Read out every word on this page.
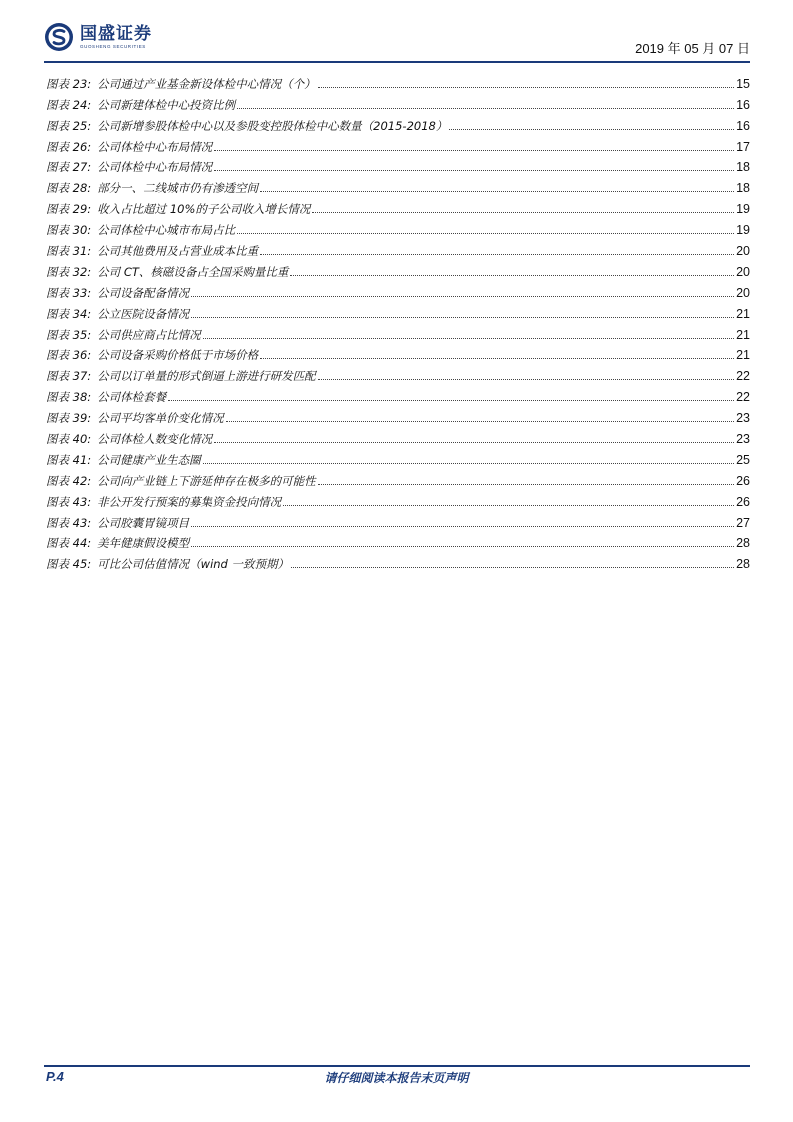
国盛证券
GUOSHENG SECURITIES	2019 年 05 月 07 日
图表 23: 公司通过产业基金新设体检中心情况（个）	15
图表 24: 公司新建体检中心投资比例	16
图表 25: 公司新增参股体检中心以及参股变控股体检中心数量（2015-2018）	16
图表 26: 公司体检中心布局情况	17
图表 27: 公司体检中心布局情况	18
图表 28: 部分一、二线城市仍有渗透空间	18
图表 29: 收入占比超过 10%的子公司收入增长情况	19
图表 30: 公司体检中心城市布局占比	19
图表 31: 公司其他费用及占营业成本比重	20
图表 32: 公司 CT、核磁设备占全国采购量比重	20
图表 33: 公司设备配备情况	20
图表 34: 公立医院设备情况	21
图表 35: 公司供应商占比情况	21
图表 36: 公司设备采购价格低于市场价格	21
图表 37: 公司以订单量的形式倒逼上游进行研发匹配	22
图表 38: 公司体检套餐	22
图表 39: 公司平均客单价变化情况	23
图表 40: 公司体检人数变化情况	23
图表 41: 公司健康产业生态圈	25
图表 42: 公司向产业链上下游延伸存在极多的可能性	26
图表 43: 非公开发行预案的募集资金投向情况	26
图表 43: 公司胶囊胃镜项目	27
图表 44: 美年健康假设模型	28
图表 45: 可比公司估值情况（wind 一致预期）	28
P.4	请仔细阅读本报告末页声明
